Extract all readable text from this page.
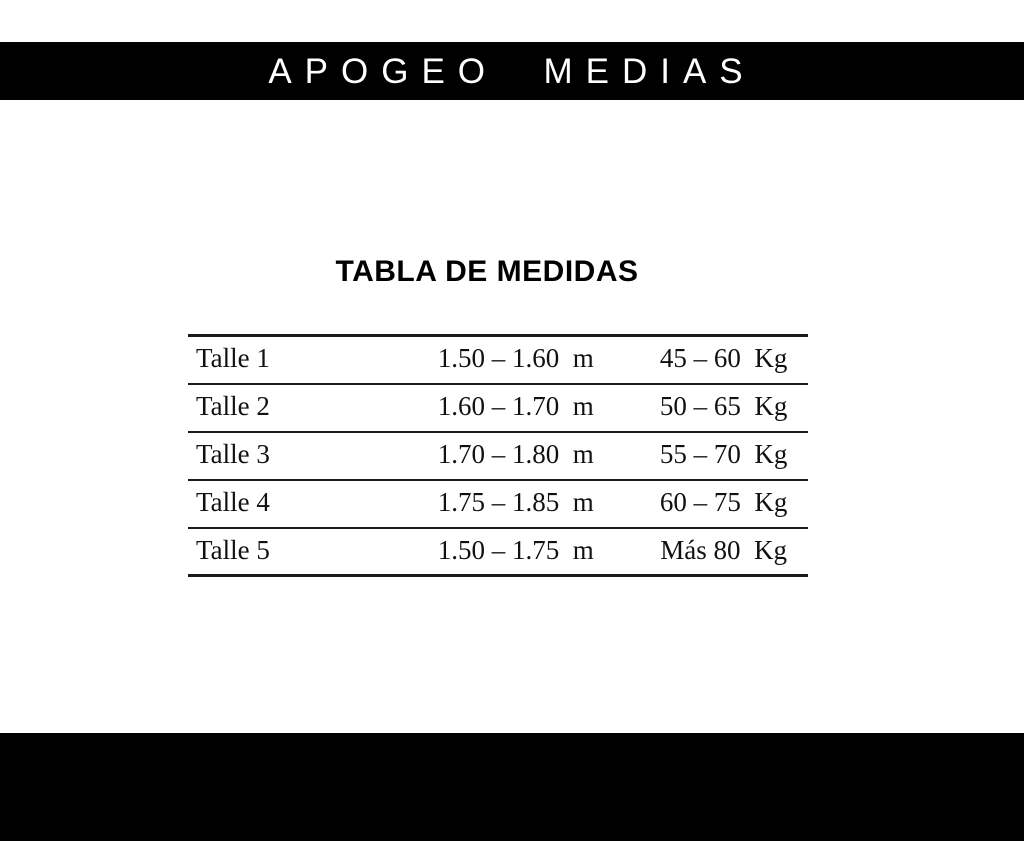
APOGEO  MEDIAS
TABLA DE MEDIDAS
Talle 1	1.50 – 1.60  m	45 – 60  Kg
Talle 2	1.60 – 1.70  m	50 – 65  Kg
Talle 3	1.70 – 1.80  m	55 – 70  Kg
Talle 4	1.75 – 1.85  m	60 – 75  Kg
Talle 5	1.50 – 1.75  m	Más 80  Kg
